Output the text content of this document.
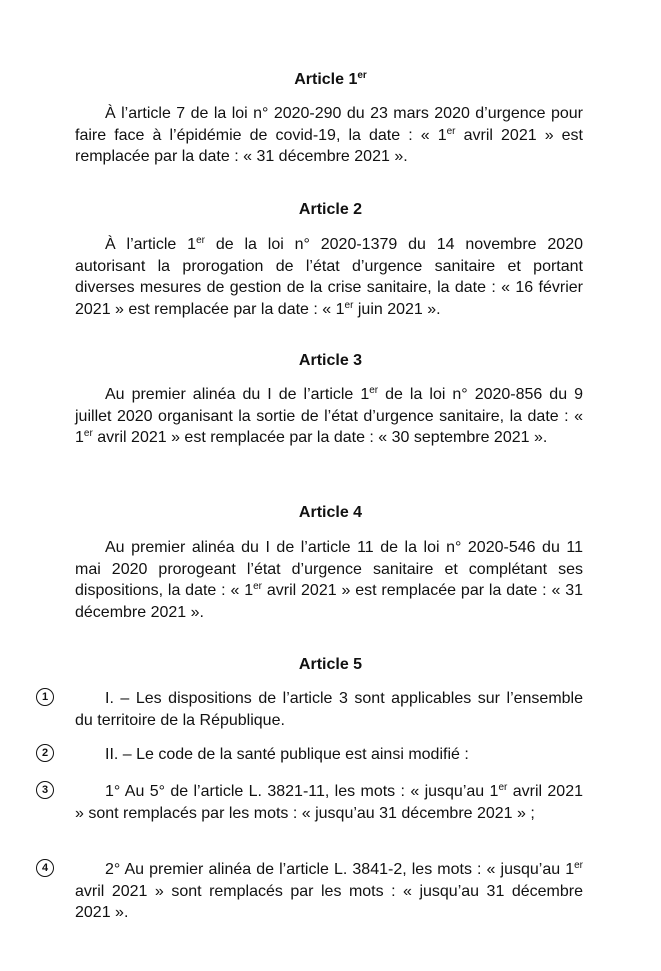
Article 1er

À l’article 7 de la loi n° 2020-290 du 23 mars 2020 d’urgence pour faire face à l’épidémie de covid-19, la date : « 1er avril 2021 » est remplacée par la date : « 31 décembre 2021 ».

Article 2

À l’article 1er de la loi n° 2020-1379 du 14 novembre 2020 autorisant la prorogation de l’état d’urgence sanitaire et portant diverses mesures de gestion de la crise sanitaire, la date : « 16 février 2021 » est remplacée par la date : « 1er juin 2021 ».

Article 3

Au premier alinéa du I de l’article 1er de la loi n° 2020-856 du 9 juillet 2020 organisant la sortie de l’état d’urgence sanitaire, la date : « 1er avril 2021 » est remplacée par la date : « 30 septembre 2021 ».

Article 4

Au premier alinéa du I de l’article 11 de la loi n° 2020-546 du 11 mai 2020 prorogeant l’état d’urgence sanitaire et complétant ses dispositions, la date : « 1er avril 2021 » est remplacée par la date : « 31 décembre 2021 ».

Article 5
1	I. – Les dispositions de l’article 3 sont applicables sur l’ensemble du territoire de la République.

2	II. – Le code de la santé publique est ainsi modifié :

3	1° Au 5° de l’article L. 3821-11, les mots : « jusqu’au 1er avril 2021 » sont remplacés par les mots : « jusqu’au 31 décembre 2021 » ;

4	2° Au premier alinéa de l’article L. 3841-2, les mots : « jusqu’au 1er avril 2021 » sont remplacés par les mots : « jusqu’au 31 décembre 2021 ».
